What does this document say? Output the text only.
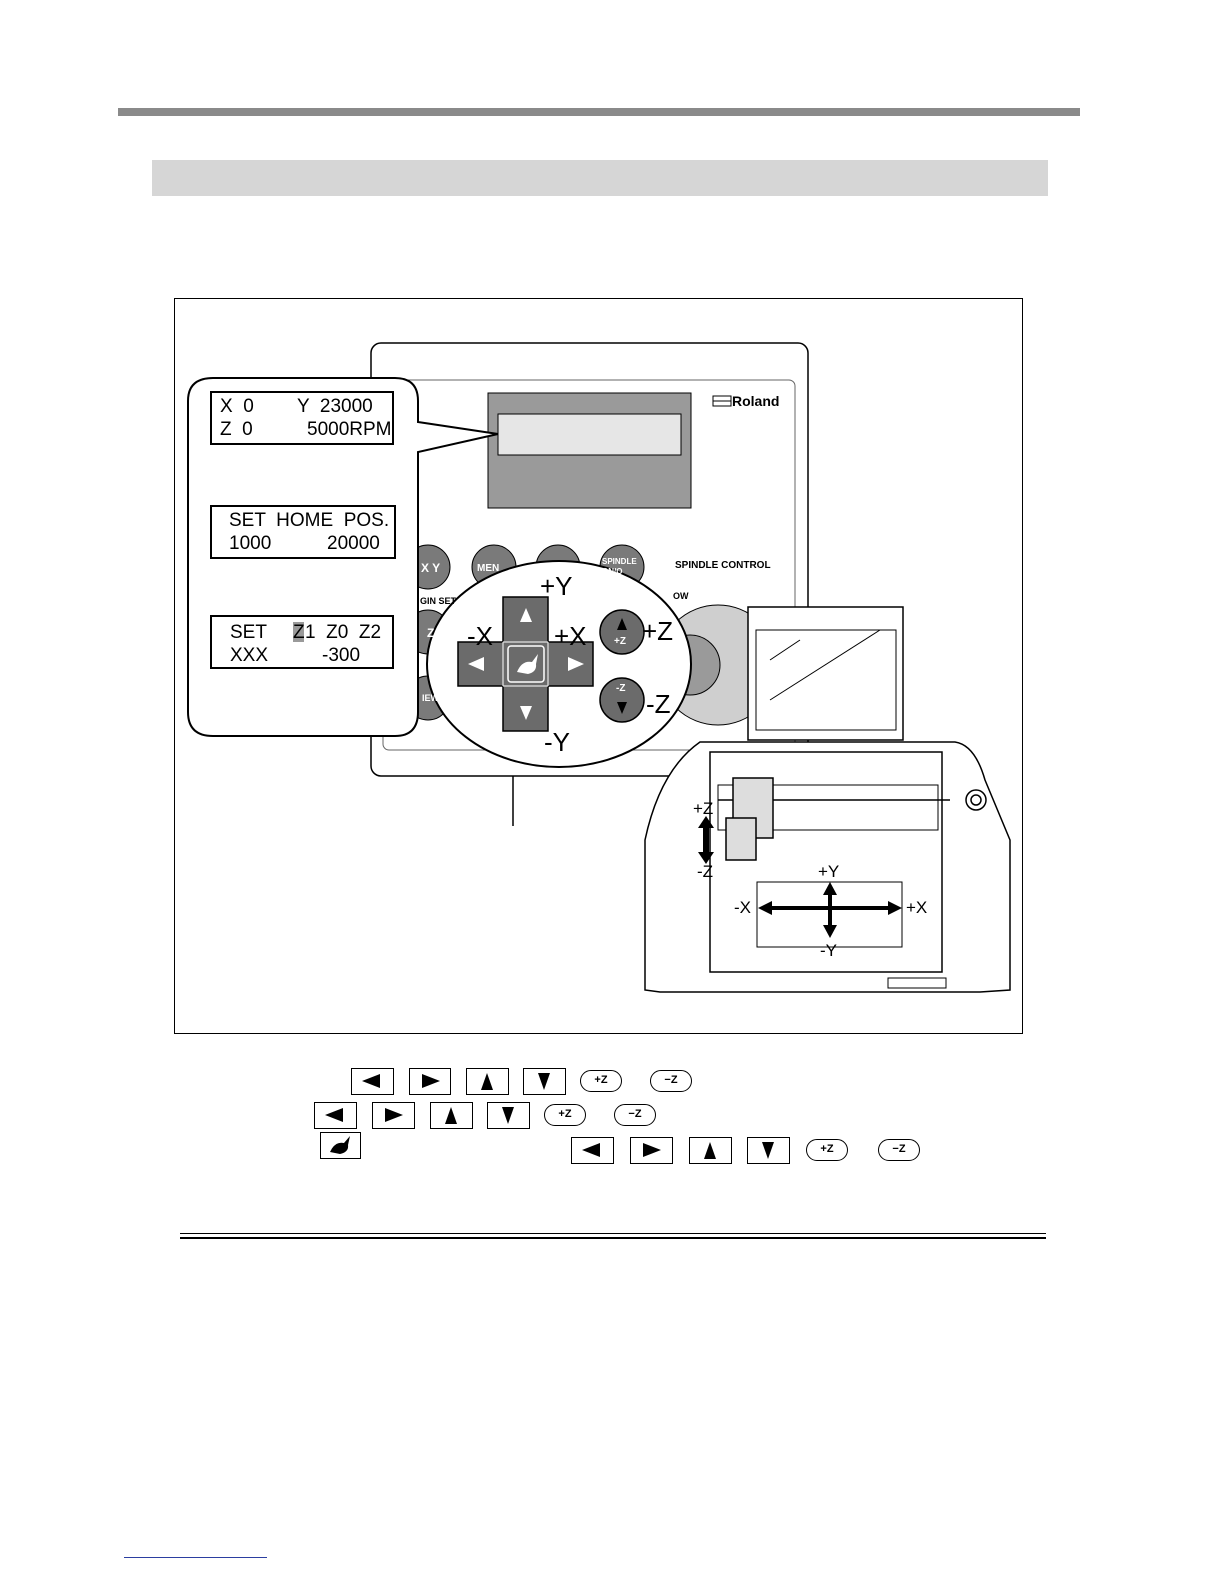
X  0 Y  23000
Z  0	5000RPM
SET  HOME  POS.
1000	20000
SET Z 1  Z0  Z2
XXX	-300
Roland
SPINDLE CONTROL
GIN SET
X Y	MEN
SPINDLE ON/O
OW
Z
IEW
+Y
-Y
-X +X +Z
-Z
+Z
-Z
+Z
-Z	+Y
-Y
-X	+X
+Z	−Z
+Z	−Z
+Z	−Z
